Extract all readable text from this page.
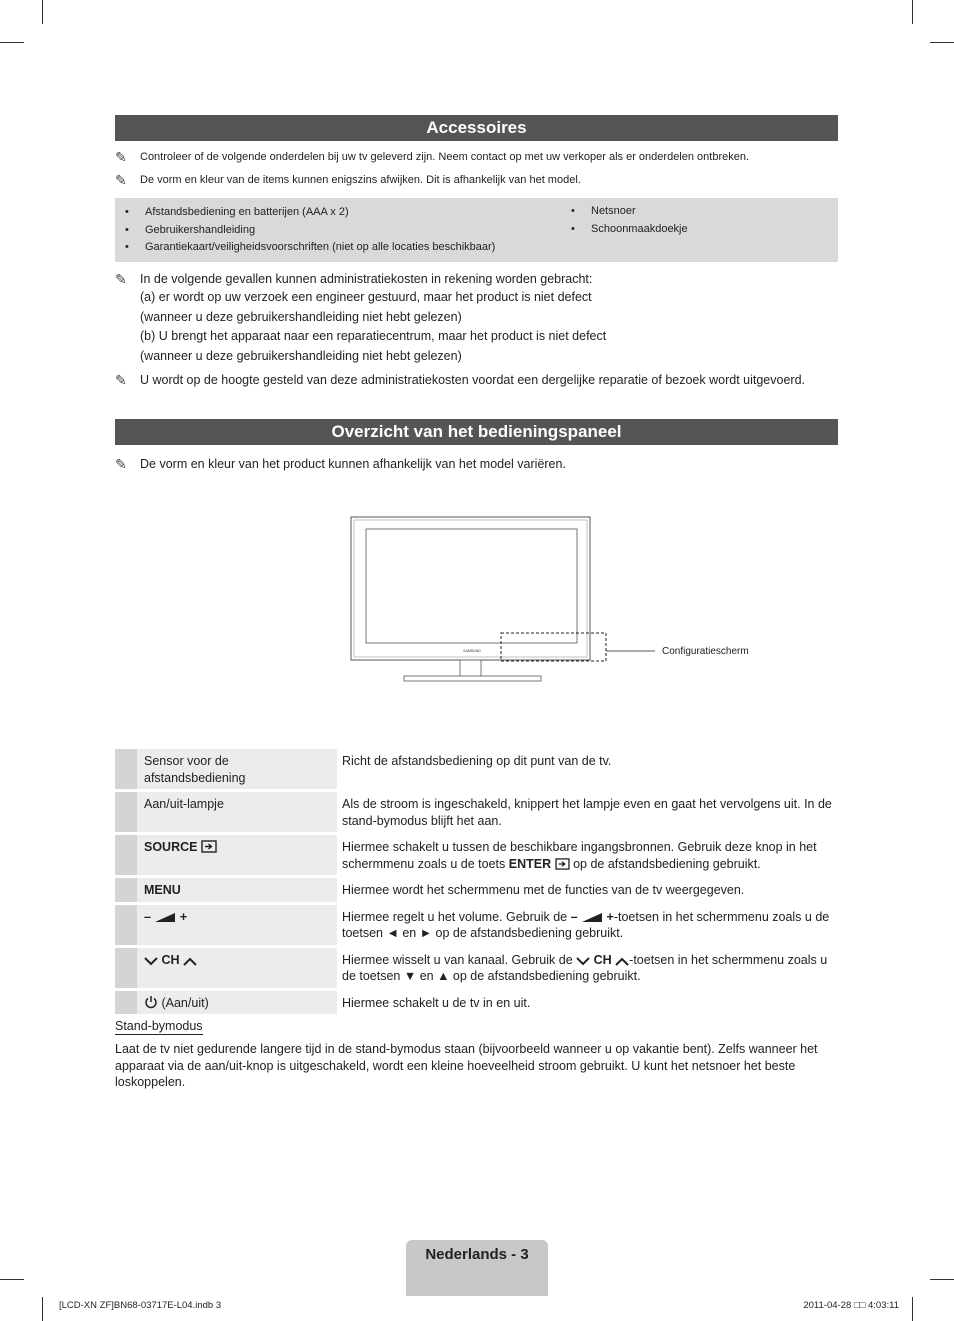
Accessoires
✎	Controleer of de volgende onderdelen bij uw tv geleverd zijn. Neem contact op met uw verkoper als er onderdelen ontbreken.
✎	De vorm en kleur van de items kunnen enigszins afwijken. Dit is afhankelijk van het model.
• Afstandsbediening en batterijen (AAA x 2)
• Gebruikershandleiding
• Garantiekaart/veiligheidsvoorschriften (niet op alle locaties beschikbaar)
• Netsnoer
• Schoonmaakdoekje
✎	In de volgende gevallen kunnen administratiekosten in rekening worden gebracht:
(a) er wordt op uw verzoek een engineer gestuurd, maar het product is niet defect
(wanneer u deze gebruikershandleiding niet hebt gelezen)
(b) U brengt het apparaat naar een reparatiecentrum, maar het product is niet defect
(wanneer u deze gebruikershandleiding niet hebt gelezen)
✎	U wordt op de hoogte gesteld van deze administratiekosten voordat een dergelijke reparatie of bezoek wordt uitgevoerd.
Overzicht van het bedieningspaneel
✎	De vorm en kleur van het product kunnen afhankelijk van het model variëren.
SAMSUNG	Configuratiescherm
	Sensor voor de afstandsbediening	Richt de afstandsbediening op dit punt van de tv.
	Aan/uit-lampje	Als de stroom is ingeschakeld, knippert het lampje even en gaat het vervolgens uit. In de stand-bymodus blijft het aan.
	SOURCE	Hiermee schakelt u tussen de beschikbare ingangsbronnen. Gebruik deze knop in het schermmenu zoals u de toets ENTER  op de afstandsbediening gebruikt.
	MENU	Hiermee wordt het schermmenu met de functies van de tv weergegeven.
	– +	Hiermee regelt u het volume. Gebruik de – +-toetsen in het schermmenu zoals u de toetsen ◄ en ► op de afstandsbediening gebruikt.
	CH	Hiermee wisselt u van kanaal. Gebruik de  CH -toetsen in het schermmenu zoals u de toetsen ▼ en ▲ op de afstandsbediening gebruikt.
	(Aan/uit)	Hiermee schakelt u de tv in en uit.
Stand-bymodus
Laat de tv niet gedurende langere tijd in de stand-bymodus staan (bijvoorbeeld wanneer u op vakantie bent). Zelfs wanneer het apparaat via de aan/uit-knop is uitgeschakeld, wordt een kleine hoeveelheid stroom gebruikt. U kunt het netsnoer het beste loskoppelen.
Nederlands - 3
[LCD-XN ZF]BN68-03717E-L04.indb 3	2011-04-28 □□ 4:03:11
